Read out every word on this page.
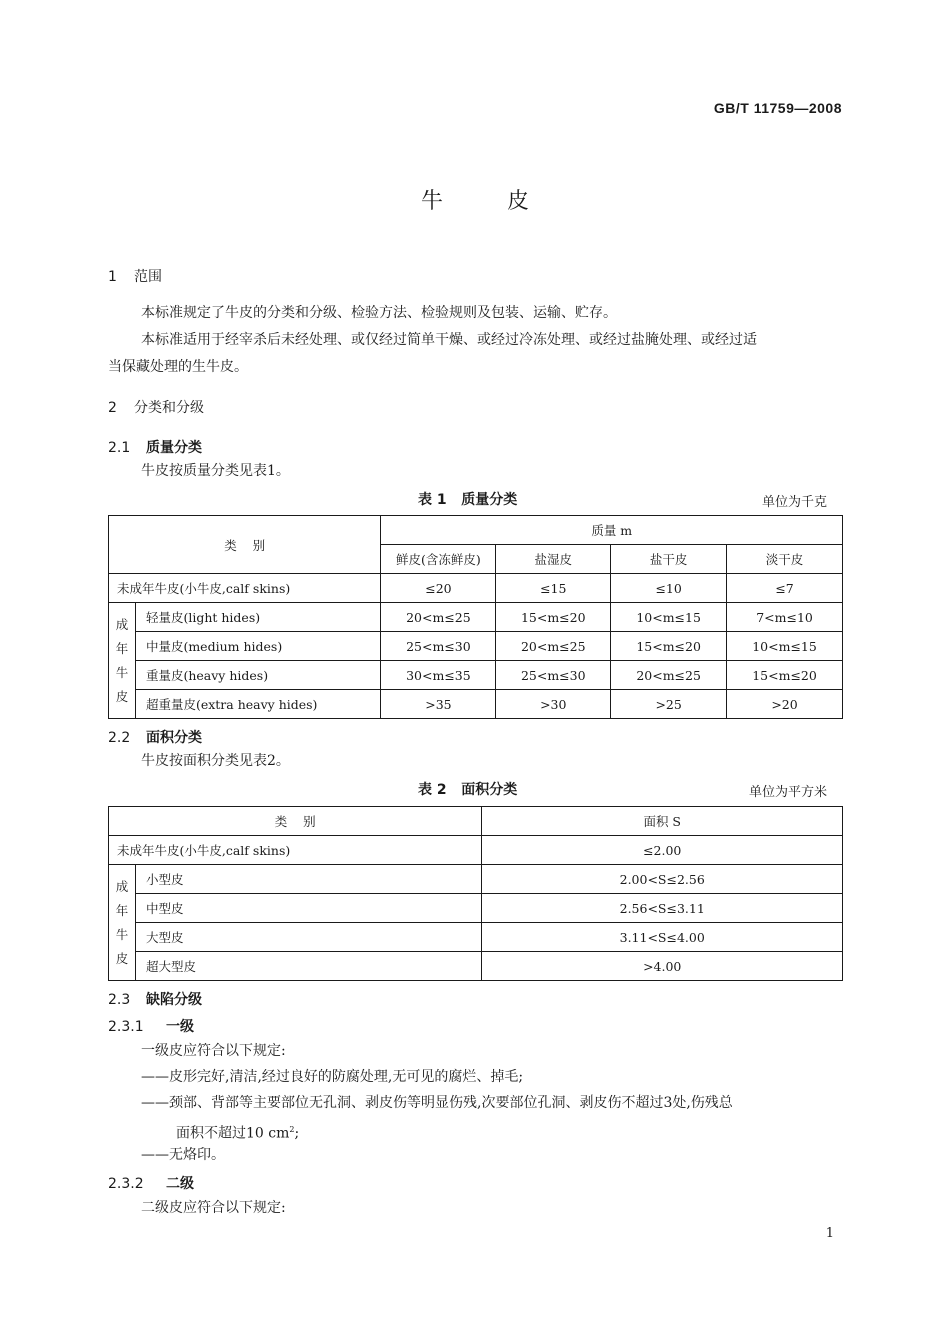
GB/T 11759—2008
牛皮
1 范围
本标准规定了牛皮的分类和分级、检验方法、检验规则及包装、运输、贮存。
本标准适用于经宰杀后未经处理、或仅经过简单干燥、或经过冷冻处理、或经过盐腌处理、或经过适
当保藏处理的生牛皮。
2 分类和分级
2.1 质量分类
牛皮按质量分类见表1。
表 1 质量分类	单位为千克
类    别		质量 m			
		鲜皮(含冻鲜皮)	盐湿皮	盐干皮	淡干皮
未成年牛皮(小牛皮,calf skins)		≤20	≤15	≤10	≤7

成
年
牛
皮	轻量皮(light hides)	20<m≤25	15<m≤20	10<m≤15	7<m≤10
	中量皮(medium hides)	25<m≤30	20<m≤25	15<m≤20	10<m≤15
	重量皮(heavy hides)	30<m≤35	25<m≤30	20<m≤25	15<m≤20
	超重量皮(extra heavy hides)	>35	>30	>25	>20
2.2 面积分类
牛皮按面积分类见表2。
表 2 面积分类	单位为平方米
类    别		面积 S
未成年牛皮(小牛皮,calf skins)		≤2.00

成
年
牛
皮	小型皮	2.00<S≤2.56
	中型皮	2.56<S≤3.11
	大型皮	3.11<S≤4.00
	超大型皮	>4.00
2.3 缺陷分级
2.3.1 一级
一级皮应符合以下规定:
——皮形完好,清洁,经过良好的防腐处理,无可见的腐烂、掉毛;
——颈部、背部等主要部位无孔洞、剥皮伤等明显伤残,次要部位孔洞、剥皮伤不超过3处,伤残总
面积不超过10 $cm^2$;
——无烙印。
2.3.2 二级
二级皮应符合以下规定:
1
